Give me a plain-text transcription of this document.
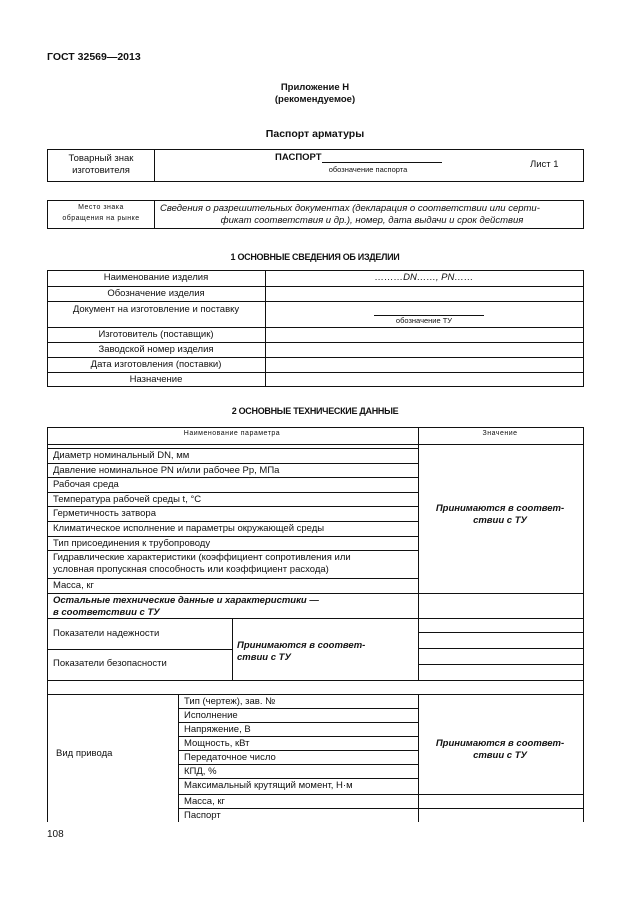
ГОСТ 32569—2013
Приложение Н
(рекомендуемое)
Паспорт арматуры
Товарный знак
изготовителя
ПАСПОРТ
обозначение паспорта	Лист 1
Место знака
обращения на рынке
Сведения о разрешительных документах (декларация о соответствии или серти-
фикат соответствия и др.), номер, дата выдачи и срок действия
1 ОСНОВНЫЕ СВЕДЕНИЯ ОБ ИЗДЕЛИИ
2 ОСНОВНЫЕ ТЕХНИЧЕСКИЕ ДАННЫЕ
108
Наименование изделия
Обозначение изделия
Документ на изготовление и поставку
Изготовитель (поставщик)
Заводской номер изделия
Дата изготовления (поставки)
Назначение
………DN……, PN……
обозначение ТУ
Наименование параметра	Значение
Диаметр номинальный DN, мм
Давление номинальное PN и/или рабочее Pp, МПа
Рабочая среда
Температура рабочей среды t, °С
Герметичность затвора
Климатическое исполнение и параметры окружающей среды
Тип присоединения к трубопроводу
Гидравлические характеристики (коэффициент сопротивления или
Масса, кг
условная пропускная способность или коэффициент расхода)
Принимаются в соответ-
ствии с ТУ
Остальные технические данные и характеристики —
в соответствии с ТУ
Показатели надежности
Показатели безопасности
Принимаются в соответ-
ствии с ТУ
Тип (чертеж), зав. №
Исполнение
Напряжение, В
Мощность, кВт
Передаточное число
КПД, %
Максимальный крутящий момент, Н·м
Масса, кг
Паспорт
Вид привода
Принимаются в соответ-
ствии с ТУ
